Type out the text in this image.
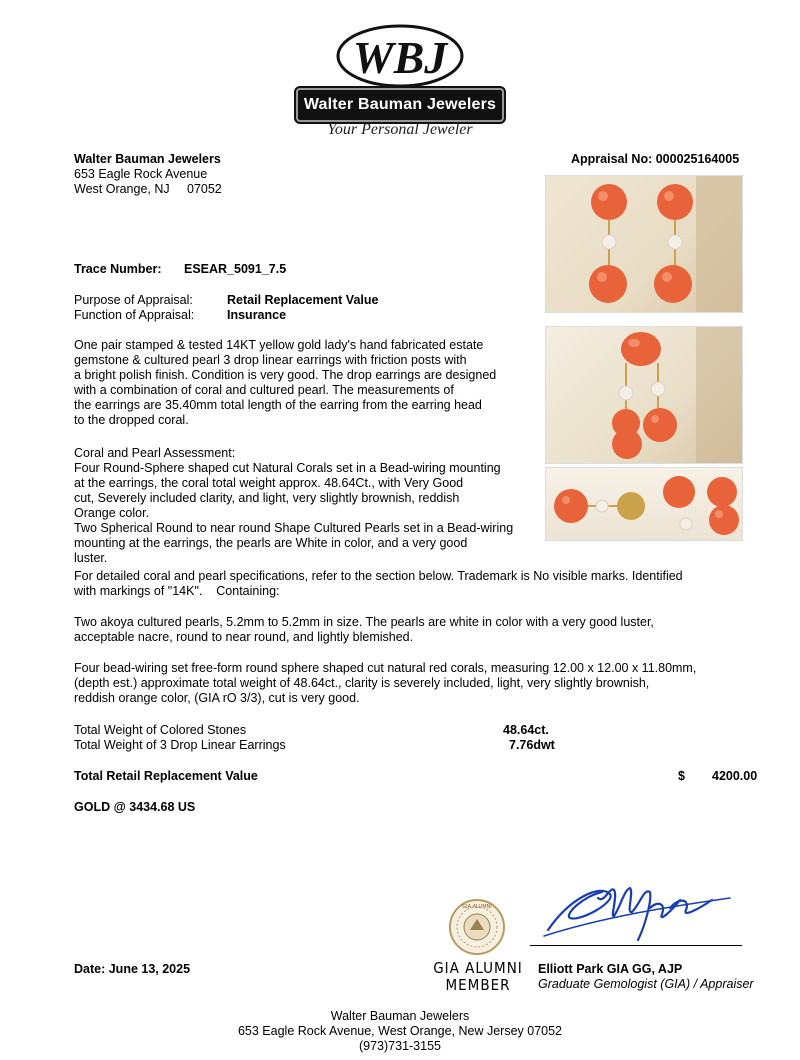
WBJ
Walter Bauman Jewelers
Your Personal Jeweler
Walter Bauman Jewelers
653 Eagle Rock Avenue
West Orange, NJ     07052
Appraisal No: 000025164005
Trace Number: ESEAR_5091_7.5
Purpose of Appraisal:	Retail Replacement Value
Function of Appraisal:	Insurance
One pair stamped & tested 14KT yellow gold lady's hand fabricated estate
gemstone & cultured pearl 3 drop linear earrings with friction posts with
a bright polish finish. Condition is very good. The drop earrings are designed
with a combination of coral and cultured pearl. The measurements of
the earrings are 35.40mm total length of the earring from the earring head
to the dropped coral.
Coral and Pearl Assessment:
Four Round-Sphere shaped cut Natural Corals set in a Bead-wiring mounting
at the earrings, the coral total weight approx. 48.64Ct., with Very Good
cut, Severely included clarity, and light, very slightly brownish, reddish
Orange color.
Two Spherical Round to near round Shape Cultured Pearls set in a Bead-wiring
mounting at the earrings, the pearls are White in color, and a very good
luster.
For detailed coral and pearl specifications, refer to the section below. Trademark is No visible marks. Identified
with markings of "14K".    Containing:
Two akoya cultured pearls, 5.2mm to 5.2mm in size. The pearls are white in color with a very good luster,
acceptable nacre, round to near round, and lightly blemished.
Four bead-wiring set free-form round sphere shaped cut natural red corals, measuring 12.00 x 12.00 x 11.80mm,
(depth est.) approximate total weight of 48.64ct., clarity is severely included, light, very slightly brownish,
reddish orange color, (GIA rO 3/3), cut is very good.
Total Weight of Colored Stones	48.64ct.
Total Weight of 3 Drop Linear Earrings	7.76dwt
Total Retail Replacement Value	$ 4200.00
GOLD @ 3434.68 US
Date: June 13, 2025
GIA ALUMNI
GIA ALUMNI
MEMBER
Elliott Park GIA GG, AJP
Graduate Gemologist (GIA) / Appraiser
Walter Bauman Jewelers
653 Eagle Rock Avenue, West Orange, New Jersey 07052
(973)731-3155
